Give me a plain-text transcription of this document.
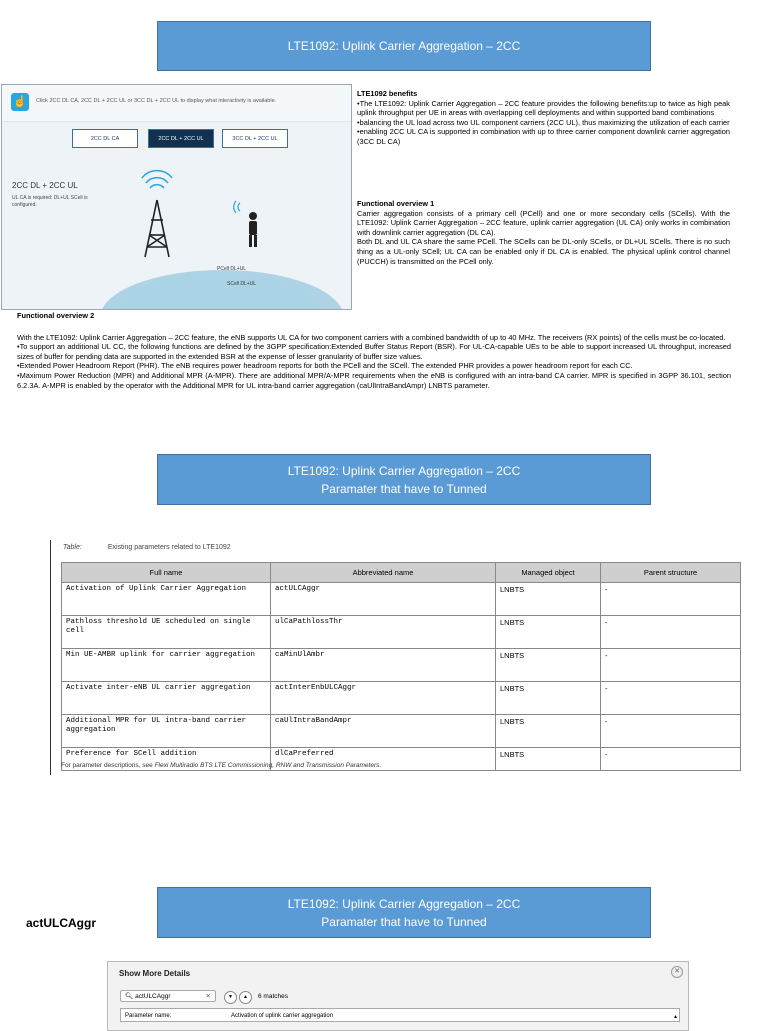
LTE1092: Uplink Carrier Aggregation – 2CC
☝	Click 2CC DL CA, 2CC DL + 2CC UL or 3CC DL + 2CC UL to display what interactivity is available.
2CC DL CA	2CC DL + 2CC UL	3CC DL + 2CC UL
2CC DL + 2CC UL
UL CA is required: DL+UL SCell is configured.
PCell DL+UL
SCell DL+UL

LTE1092 benefits

•The LTE1092: Uplink Carrier Aggregation – 2CC feature provides the following benefits:up to twice as high peak uplink throughput per UE in areas with overlapping cell deployments and within supported band combinations

•balancing the UL load across two UL component carriers (2CC UL), thus maximizing the utilization of each carrier

•enabling 2CC UL CA is supported in combination with up to three carrier component downlink carrier aggregation (3CC DL CA)

Functional overview 1

Carrier aggregation consists of a primary cell (PCell) and one or more secondary cells (SCells). With the LTE1092: Uplink Carrier Aggregation – 2CC feature, uplink carrier aggregation (UL CA) only works in combination with downlink carrier aggregation (DL CA).

Both DL and UL CA share the same PCell. The SCells can be DL-only SCells, or DL+UL SCells. There is no such thing as a UL-only SCell; UL CA can be enabled only if DL CA is enabled. The physical uplink control channel (PUCCH) is transmitted on the PCell only.

Functional overview 2

With the LTE1092: Uplink Carrier Aggregation – 2CC feature, the eNB supports UL CA for two component carriers with a combined bandwidth of up to 40 MHz. The receivers (RX points) of the cells must be co-located.

•To support an additional UL CC, the following functions are defined by the 3GPP specification:Extended Buffer Status Report (BSR). For UL-CA-capable UEs to be able to support increased UL throughput, increased sizes of buffer for pending data are supported in the extended BSR at the expense of lesser granularity of buffer size values.

•Extended Power Headroom Report (PHR). The eNB requires power headroom reports for both the PCell and the SCell. The extended PHR provides a power headroom report for each CC.

•Maximum Power Reduction (MPR) and Additional MPR (A-MPR). There are additional MPR/A-MPR requirements when the eNB is configured with an intra-band CA carrier. MPR is specified in 3GPP 36.101, section 6.2.3A. A-MPR is enabled by the operator with the Additional MPR for UL intra-band carrier aggregation (caUlIntraBandAmpr) LNBTS parameter.

LTE1092: Uplink Carrier Aggregation – 2CC
Paramater that have to Tunned
Table:	Existing parameters related to LTE1092
Full name	Abbreviated name	Managed object	Parent structure
Activation of Uplink Carrier Aggregation	actULCAggr	LNBTS	-
Pathloss threshold UE scheduled on single cell	ulCaPathlossThr	LNBTS	-
Min UE-AMBR uplink for carrier aggregation	caMinUlAmbr	LNBTS	-
Activate inter-eNB UL carrier aggregation	actInterEnbULCAggr	LNBTS	-
Additional MPR for UL intra-band carrier aggregation	caUlIntraBandAmpr	LNBTS	-
Preference for SCell addition	dlCaPreferred	LNBTS	-
For parameter descriptions, see Flexi Multiradio BTS LTE Commissioning, RNW and Transmission Parameters.
LTE1092: Uplink Carrier Aggregation – 2CC
Paramater that have to Tunned
actULCAggr
Show More Details	✕
🔍︎ actULCAggr	✕	▼	▲	6 matches
Parameter name:	Activation of uplink carrier aggregation	▴
